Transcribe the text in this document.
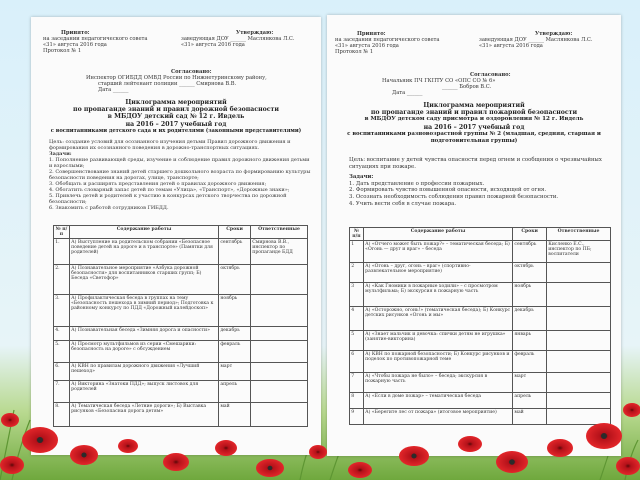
Принято:
на заседании педагогического совета
«31» августа 2016 года
Протокол № 1
Утверждаю:
заведующая ДОУ ______ Маслянкова Л.С.
«31» августа 2016 года
Согласовано:
Инспектор ОГИБДД ОМВД России по Нижнетуринскому району,
старший лейтенант полиции ______ Смирнова В.В.
Дата ______
Циклограмма мероприятий
по пропаганде знаний и правил дорожной безопасности
в МБДОУ детский сад № 12 г. Ивдель
на 2016 – 2017 учебный год
с воспитанниками детского сада и их родителями (законными представителями)
Цель: создание условий для осознанного изучения детьми Правил дорожного движения и формирования их осознанного поведения в дорожно-транспортных ситуациях.
Задачи:
1. Пополнение развивающей среды, изучение и соблюдение правил дорожного движения детьми и взрослыми;
2. Совершенствование знаний детей старшего дошкольного возраста по формированию культуры безопасности поведения на дорогах, улице, транспорте;
3. Обобщать и расширять представления детей о правилах дорожного движения;
4. Обогатить словарный запас детей по темам «Улица», «Транспорт», «Дорожные знаки»;
5. Привлечь детей и родителей к участию в конкурсах детского творчества по дорожной безопасности;
6. Знакомить с работой сотрудников ГИБДД.
№ п/п	Содержание работы	Сроки	Ответственные
1.	А) Выступление на родительском собрании «Безопасное поведение детей на дороге и в транспорте» (Памятки для родителей)	сентябрь	Смирнова В.В., инспектор по пропаганде БДД
2.	А) Познавательное мероприятие «Азбука дорожной безопасности» для воспитанников старших групп; Б) Беседа «Светофор»	октябрь	
3.	А) Профилактическая беседа в группах на тему «Безопасность пешехода в зимний период»; Подготовка к районному конкурсу по ПДД «Дорожный калейдоскоп»	ноябрь	
4.	А) Познавательная беседа «Зимняя дорога и опасности»	декабрь	
5.	А) Просмотр мультфильмов из серии «Смешарики: безопасность на дороге» с обсуждением	февраль	
6.	А) КВН по правилам дорожного движения «Лучший пешеход»	март	
7.	А) Викторина «Знатоки ПДД»; выпуск листовок для родителей	апрель	
8.	А) Тематическая беседа «Летние дороги»; Б) Выставка рисунков «Безопасная дорога детям»	май	
Принято:
на заседании педагогического совета
«31» августа 2016 года
Протокол № 1
Утверждаю:
заведующая ДОУ ______ Маслянкова Л.С.
«31» августа 2016 года
Согласовано:
Начальник ПЧ ГКПТУ СО «ОПС СО № 6»
______ Бобров В.С.
Дата ______
Циклограмма мероприятий
по пропаганде знаний и правил пожарной безопасности
в МБДОУ детском саду присмотра и оздоровления № 12 г. Ивдель
на 2016 – 2017 учебный год
с воспитанниками разновозрастной группы № 2 (младшая, средняя, старшая и подготовительная группы)
Цель: воспитание у детей чувства опасности перед огнем и сообщения о чрезвычайных ситуациях при пожаре.
Задачи:
1. Дать представление о профессии пожарных.
2. Формировать чувство повышенной опасности, исходящей от огня.
3. Осознать необходимость соблюдения правил пожарной безопасности.
4. Учить вести себя в случае пожара.
№ п/п	Содержание работы	Сроки	Ответственные
1	А) «Отчего может быть пожар?» – тематическая беседа; Б) «Огонь — друг и враг» – беседа	сентябрь	Кисленко Е.С., инспектор по ПБ; воспитатели
2	А) «Огонь – друг, огонь – враг» (спортивно-развлекательное мероприятие)	октябрь	
3	А) «Как Гномики в пожарные ходили» – с просмотром мультфильма; Б) экскурсия в пожарную часть	ноябрь	
4	А) «Осторожно, огонь!» (тематическая беседа); Б) Конкурс детских рисунков «Огонь и мы»	декабрь	
5	А) «Знает мальчик и девочка: спички детям не игрушка» (занятие-викторина)	январь	
6	А) КВН по пожарной безопасности; Б) Конкурс рисунков и поделок по противопожарной теме	февраль	
7	А) «Чтобы пожара не было» – беседа; экскурсия в пожарную часть	март	
8	А) «Если в доме пожар» – тематическая беседа	апрель	
9	А) «Берегите лес от пожара» (итоговое мероприятие)	май	
